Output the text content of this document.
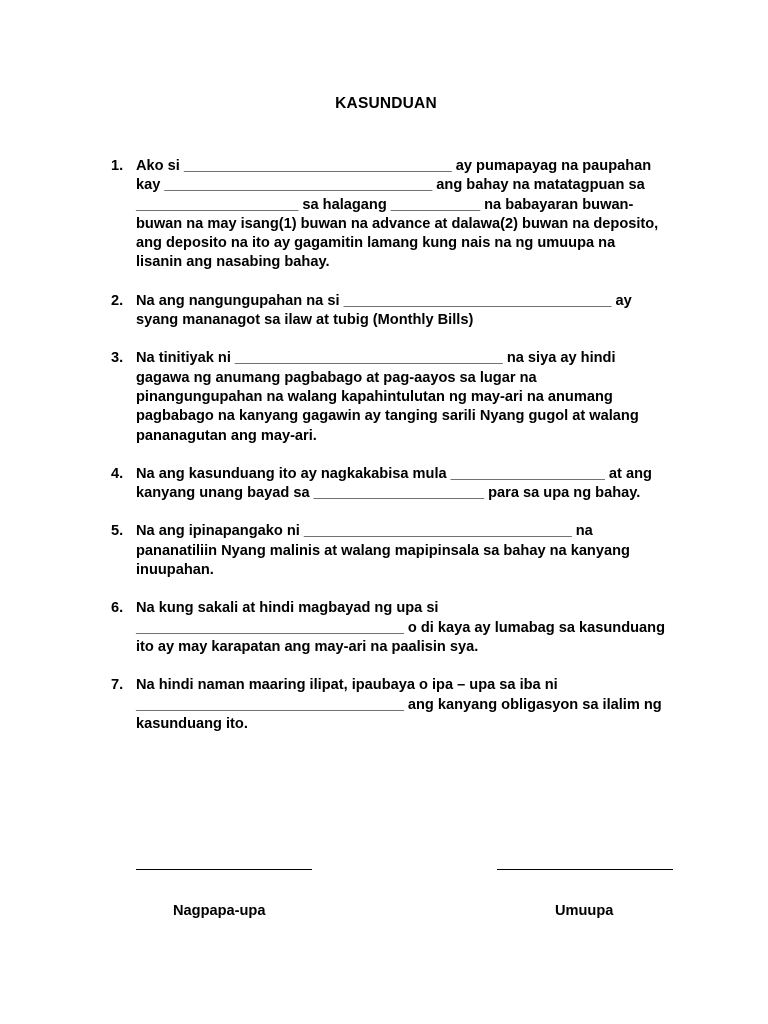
KASUNDUAN
1. Ako si _________________________________ ay pumapayag na paupahan
kay _________________________________ ang bahay na matatagpuan sa
____________________ sa halagang ___________ na babayaran buwan-
buwan na may isang(1) buwan na advance at dalawa(2) buwan na deposito,
ang deposito na ito ay gagamitin lamang kung nais na ng umuupa na
lisanin ang nasabing bahay.
2. Na ang nangungupahan na si _________________________________ ay
syang mananagot sa ilaw at tubig (Monthly Bills)
3. Na tinitiyak ni _________________________________ na siya ay hindi
gagawa ng anumang pagbabago at pag-aayos sa lugar na
pinangungupahan na walang kapahintulutan ng may-ari na anumang
pagbabago na kanyang gagawin ay tanging sarili Nyang gugol at walang
pananagutan ang may-ari.
4. Na ang kasunduang ito ay nagkakabisa mula ___________________ at ang
kanyang unang bayad sa _____________________ para sa upa ng bahay.
5. Na ang ipinapangako ni _________________________________ na
pananatiliin Nyang malinis at walang mapipinsala sa bahay na kanyang
inuupahan.
6. Na kung sakali at hindi magbayad ng upa si
_________________________________ o di kaya ay lumabag sa kasunduang
ito ay may karapatan ang may-ari na paalisin sya.
7. Na hindi naman maaring ilipat, ipaubaya o ipa – upa sa iba ni
_________________________________ ang kanyang obligasyon sa ilalim ng
kasunduang ito.
Nagpapa-upa	Umuupa
